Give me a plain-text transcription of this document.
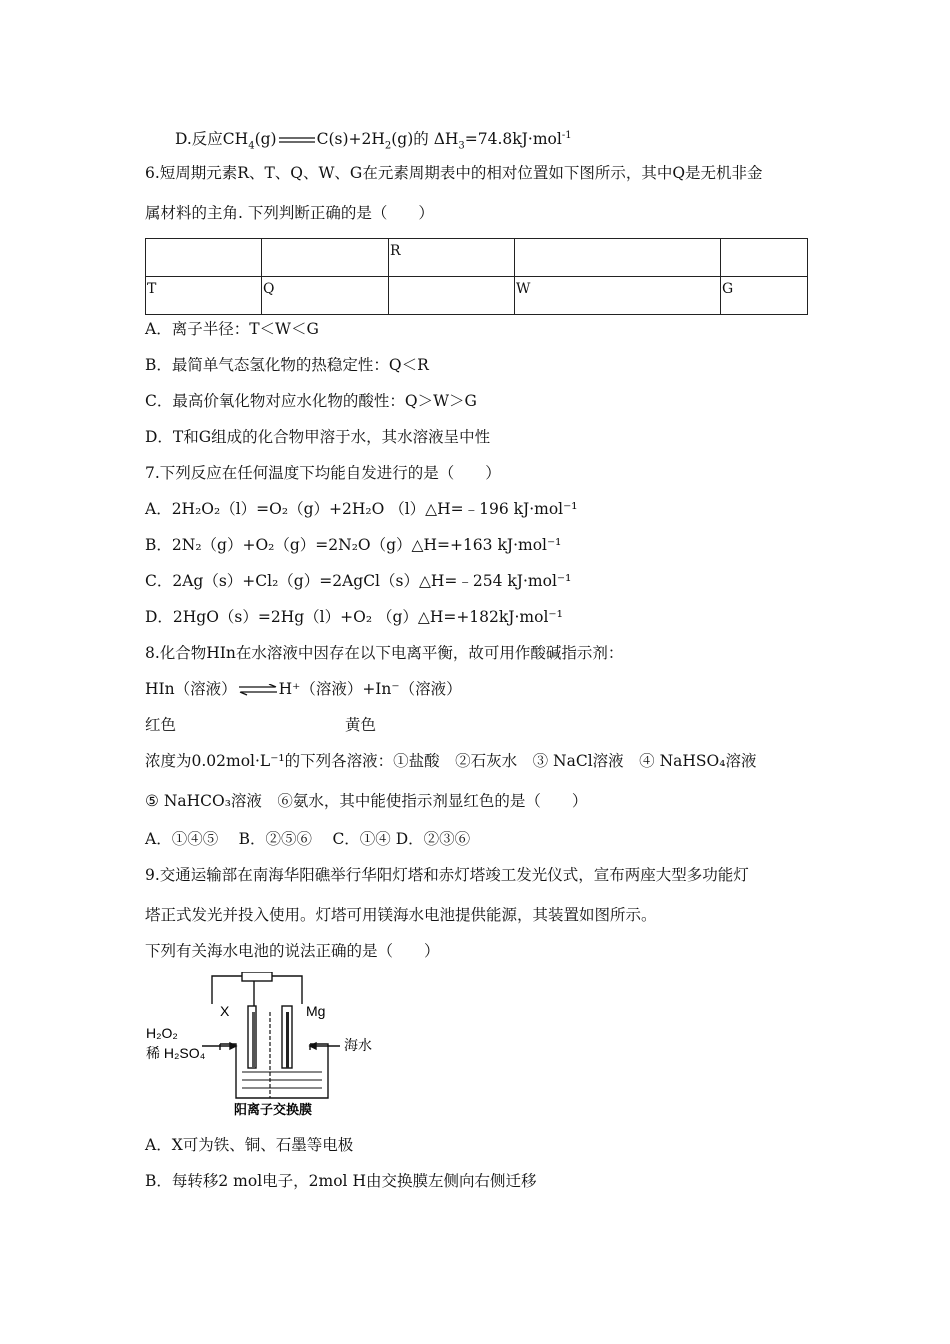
D.反应$CH_4(g)$	$C(s)+2H_2(g)$的 $\Delta H_3=74.8kJ\cdot mol^{-1}$
6.短周期元素R、T、Q、W、G在元素周期表中的相对位置如下图所示，其中Q是无机非金
属材料的主角. 下列判断正确的是（　　）
		R		
T	Q		W	G
A．离子半径：T＜W＜G
B．最简单气态氢化物的热稳定性：Q＜R
C．最高价氧化物对应水化物的酸性：Q＞W＞G
D．T和G组成的化合物甲溶于水，其水溶液呈中性
7.下列反应在任何温度下均能自发进行的是（　　）
A．2H₂O₂（l）=O₂（g）+2H₂O （l）△H=﹣196 kJ·mol⁻¹
B．2N₂（g）+O₂（g）=2N₂O（g）△H=+163 kJ·mol⁻¹
C．2Ag（s）+Cl₂（g）=2AgCl（s）△H=﹣254 kJ·mol⁻¹
D．2HgO（s）=2Hg（l）+O₂ （g）△H=+182kJ·mol⁻¹
8.化合物HIn在水溶液中因存在以下电离平衡，故可用作酸碱指示剂：
HIn（溶液）⇌H⁺（溶液）+In⁻（溶液）
红色	黄色
浓度为0.02mol·L⁻¹的下列各溶液：①盐酸　②石灰水　③ NaCl溶液　④ NaHSO₄溶液
⑤ NaHCO₃溶液　⑥氨水，其中能使指示剂显红色的是（　　）
A．①④⑤　 B．②⑤⑥　 C．①④ D．②③⑥
9.交通运输部在南海华阳礁举行华阳灯塔和赤灯塔竣工发光仪式，宣布两座大型多功能灯
塔正式发光并投入使用。灯塔可用镁海水电池提供能源，其装置如图所示。
下列有关海水电池的说法正确的是（　　）
X	Mg
H₂O₂
稀 H₂SO₄	海水
阳离子交换膜
A．X可为铁、铜、石墨等电极
B．每转移2 mol电子，2mol H由交换膜左侧向右侧迁移
